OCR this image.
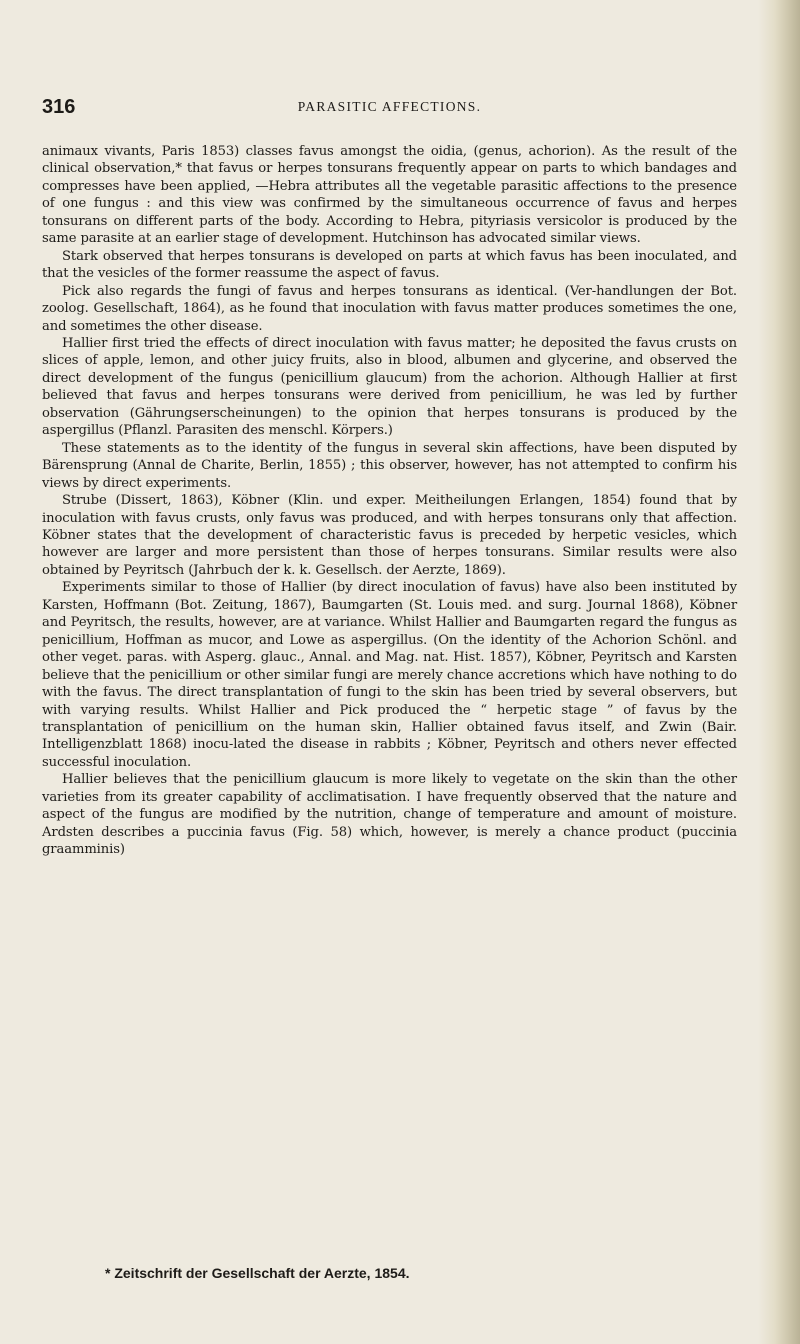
316	PARASITIC AFFECTIONS.

animaux vivants, Paris 1853) classes favus amongst the oidia, (genus, achorion). As the result of the clinical observation,* that favus or herpes tonsurans frequently appear on parts to which bandages and compresses have been applied, —Hebra attributes all the vegetable parasitic affections to the presence of one fungus : and this view was confirmed by the simultaneous occurrence of favus and herpes tonsurans on different parts of the body. According to Hebra, pityriasis versicolor is produced by the same parasite at an earlier stage of development. Hutchinson has advocated similar views.

Stark observed that herpes tonsurans is developed on parts at which favus has been inoculated, and that the vesicles of the former reassume the aspect of favus.

Pick also regards the fungi of favus and herpes tonsurans as identical. (Ver-handlungen der Bot. zoolog. Gesellschaft, 1864), as he found that inoculation with favus matter produces sometimes the one, and sometimes the other disease.

Hallier first tried the effects of direct inoculation with favus matter; he deposited the favus crusts on slices of apple, lemon, and other juicy fruits, also in blood, albumen and glycerine, and observed the direct development of the fungus (penicillium glaucum) from the achorion. Although Hallier at first believed that favus and herpes tonsurans were derived from penicillium, he was led by further observation (Gährungserscheinungen) to the opinion that herpes tonsurans is produced by the aspergillus (Pflanzl. Parasiten des menschl. Körpers.)

These statements as to the identity of the fungus in several skin affections, have been disputed by Bärensprung (Annal de Charite, Berlin, 1855) ; this observer, however, has not attempted to confirm his views by direct experiments.

Strube (Dissert, 1863), Köbner (Klin. und exper. Meitheilungen Erlangen, 1854) found that by inoculation with favus crusts, only favus was produced, and with herpes tonsurans only that affection. Köbner states that the development of characteristic favus is preceded by herpetic vesicles, which however are larger and more persistent than those of herpes tonsurans. Similar results were also obtained by Peyritsch (Jahrbuch der k. k. Gesellsch. der Aerzte, 1869).

Experiments similar to those of Hallier (by direct inoculation of favus) have also been instituted by Karsten, Hoffmann (Bot. Zeitung, 1867), Baumgarten (St. Louis med. and surg. Journal 1868), Köbner and Peyritsch, the results, however, are at variance. Whilst Hallier and Baumgarten regard the fungus as penicillium, Hoffman as mucor, and Lowe as aspergillus. (On the identity of the Achorion Schönl. and other veget. paras. with Asperg. glauc., Annal. and Mag. nat. Hist. 1857), Köbner, Peyritsch and Karsten believe that the penicillium or other similar fungi are merely chance accretions which have nothing to do with the favus. The direct transplantation of fungi to the skin has been tried by several observers, but with varying results. Whilst Hallier and Pick produced the “ herpetic stage ” of favus by the transplantation of penicillium on the human skin, Hallier obtained favus itself, and Zwin (Bair. Intelligenzblatt 1868) inocu-lated the disease in rabbits ; Köbner, Peyritsch and others never effected successful inoculation.

Hallier believes that the penicillium glaucum is more likely to vegetate on the skin than the other varieties from its greater capability of acclimatisation. I have frequently observed that the nature and aspect of the fungus are modified by the nutrition, change of temperature and amount of moisture. Ardsten describes a puccinia favus (Fig. 58) which, however, is merely a chance product (puccinia graamminis)

* Zeitschrift der Gesellschaft der Aerzte, 1854.
